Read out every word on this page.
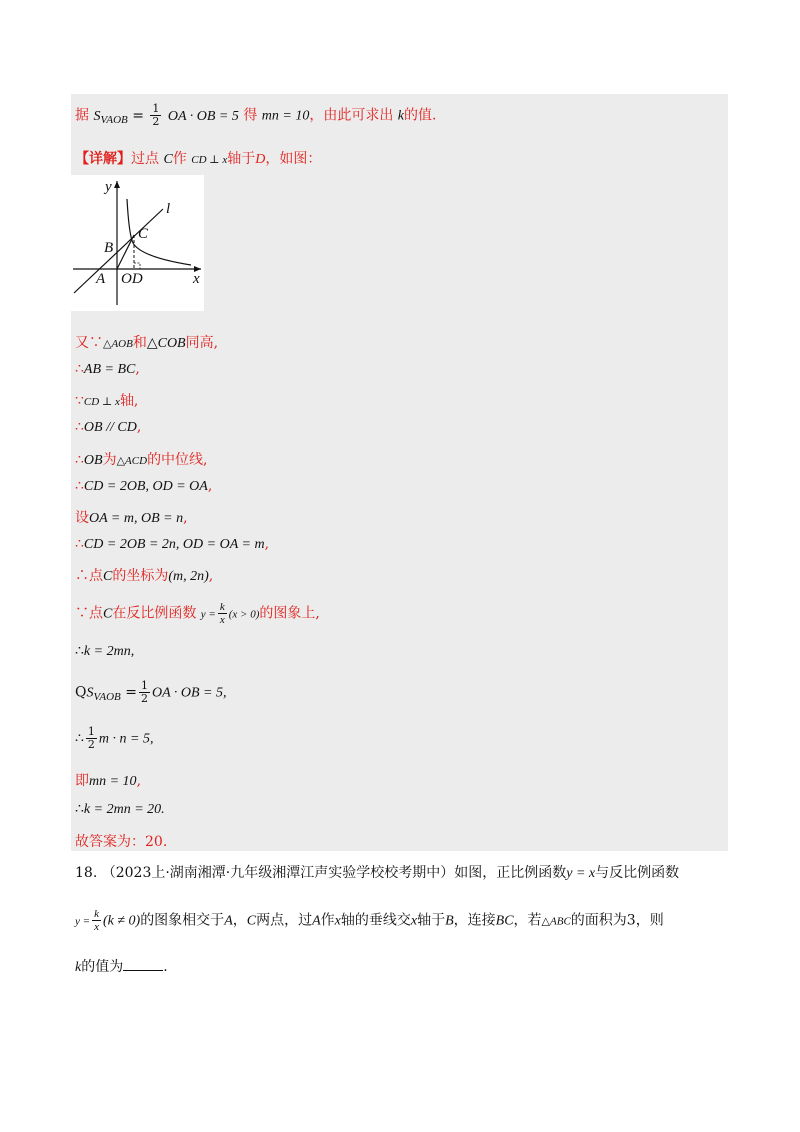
据 $S_{VAOB} = \frac{1}{2}$ OA · OB = 5 得 mn = 10，由此可求出 k的值.
【详解】过点 C作 CD ⊥ x轴于D，如图：
y
l
C
B
A OD	x
又∵△AOB和△COB同高,
∴AB = BC,
∵CD ⊥ x轴,
∴OB // CD,
∴OB为△ACD的中位线,
∴CD = 2OB, OD = OA,
设OA = m, OB = n,
∴CD = 2OB = 2n, OD = OA = m,
∴点C的坐标为(m, 2n),
∵点C在反比例函数 $y = \frac{k}{x} (x > 0)$的图象上,
∴k = 2mn,
$QS_{VAOB} = \frac{1}{2}$ OA · OB = 5,
∴ $\frac{1}{2}$ m · n = 5,
即mn = 10,
∴k = 2mn = 20.
故答案为：20.
18. （2023上·湖南湘潭·九年级湘潭江声实验学校校考期中）如图，正比例函数y = x与反比例函数
$y = \frac{k}{x} (k \ne 0)$的图象相交于A，C两点，过A作x轴的垂线交x轴于B，连接BC，若△ABC的面积为3，则
k的值为	.
